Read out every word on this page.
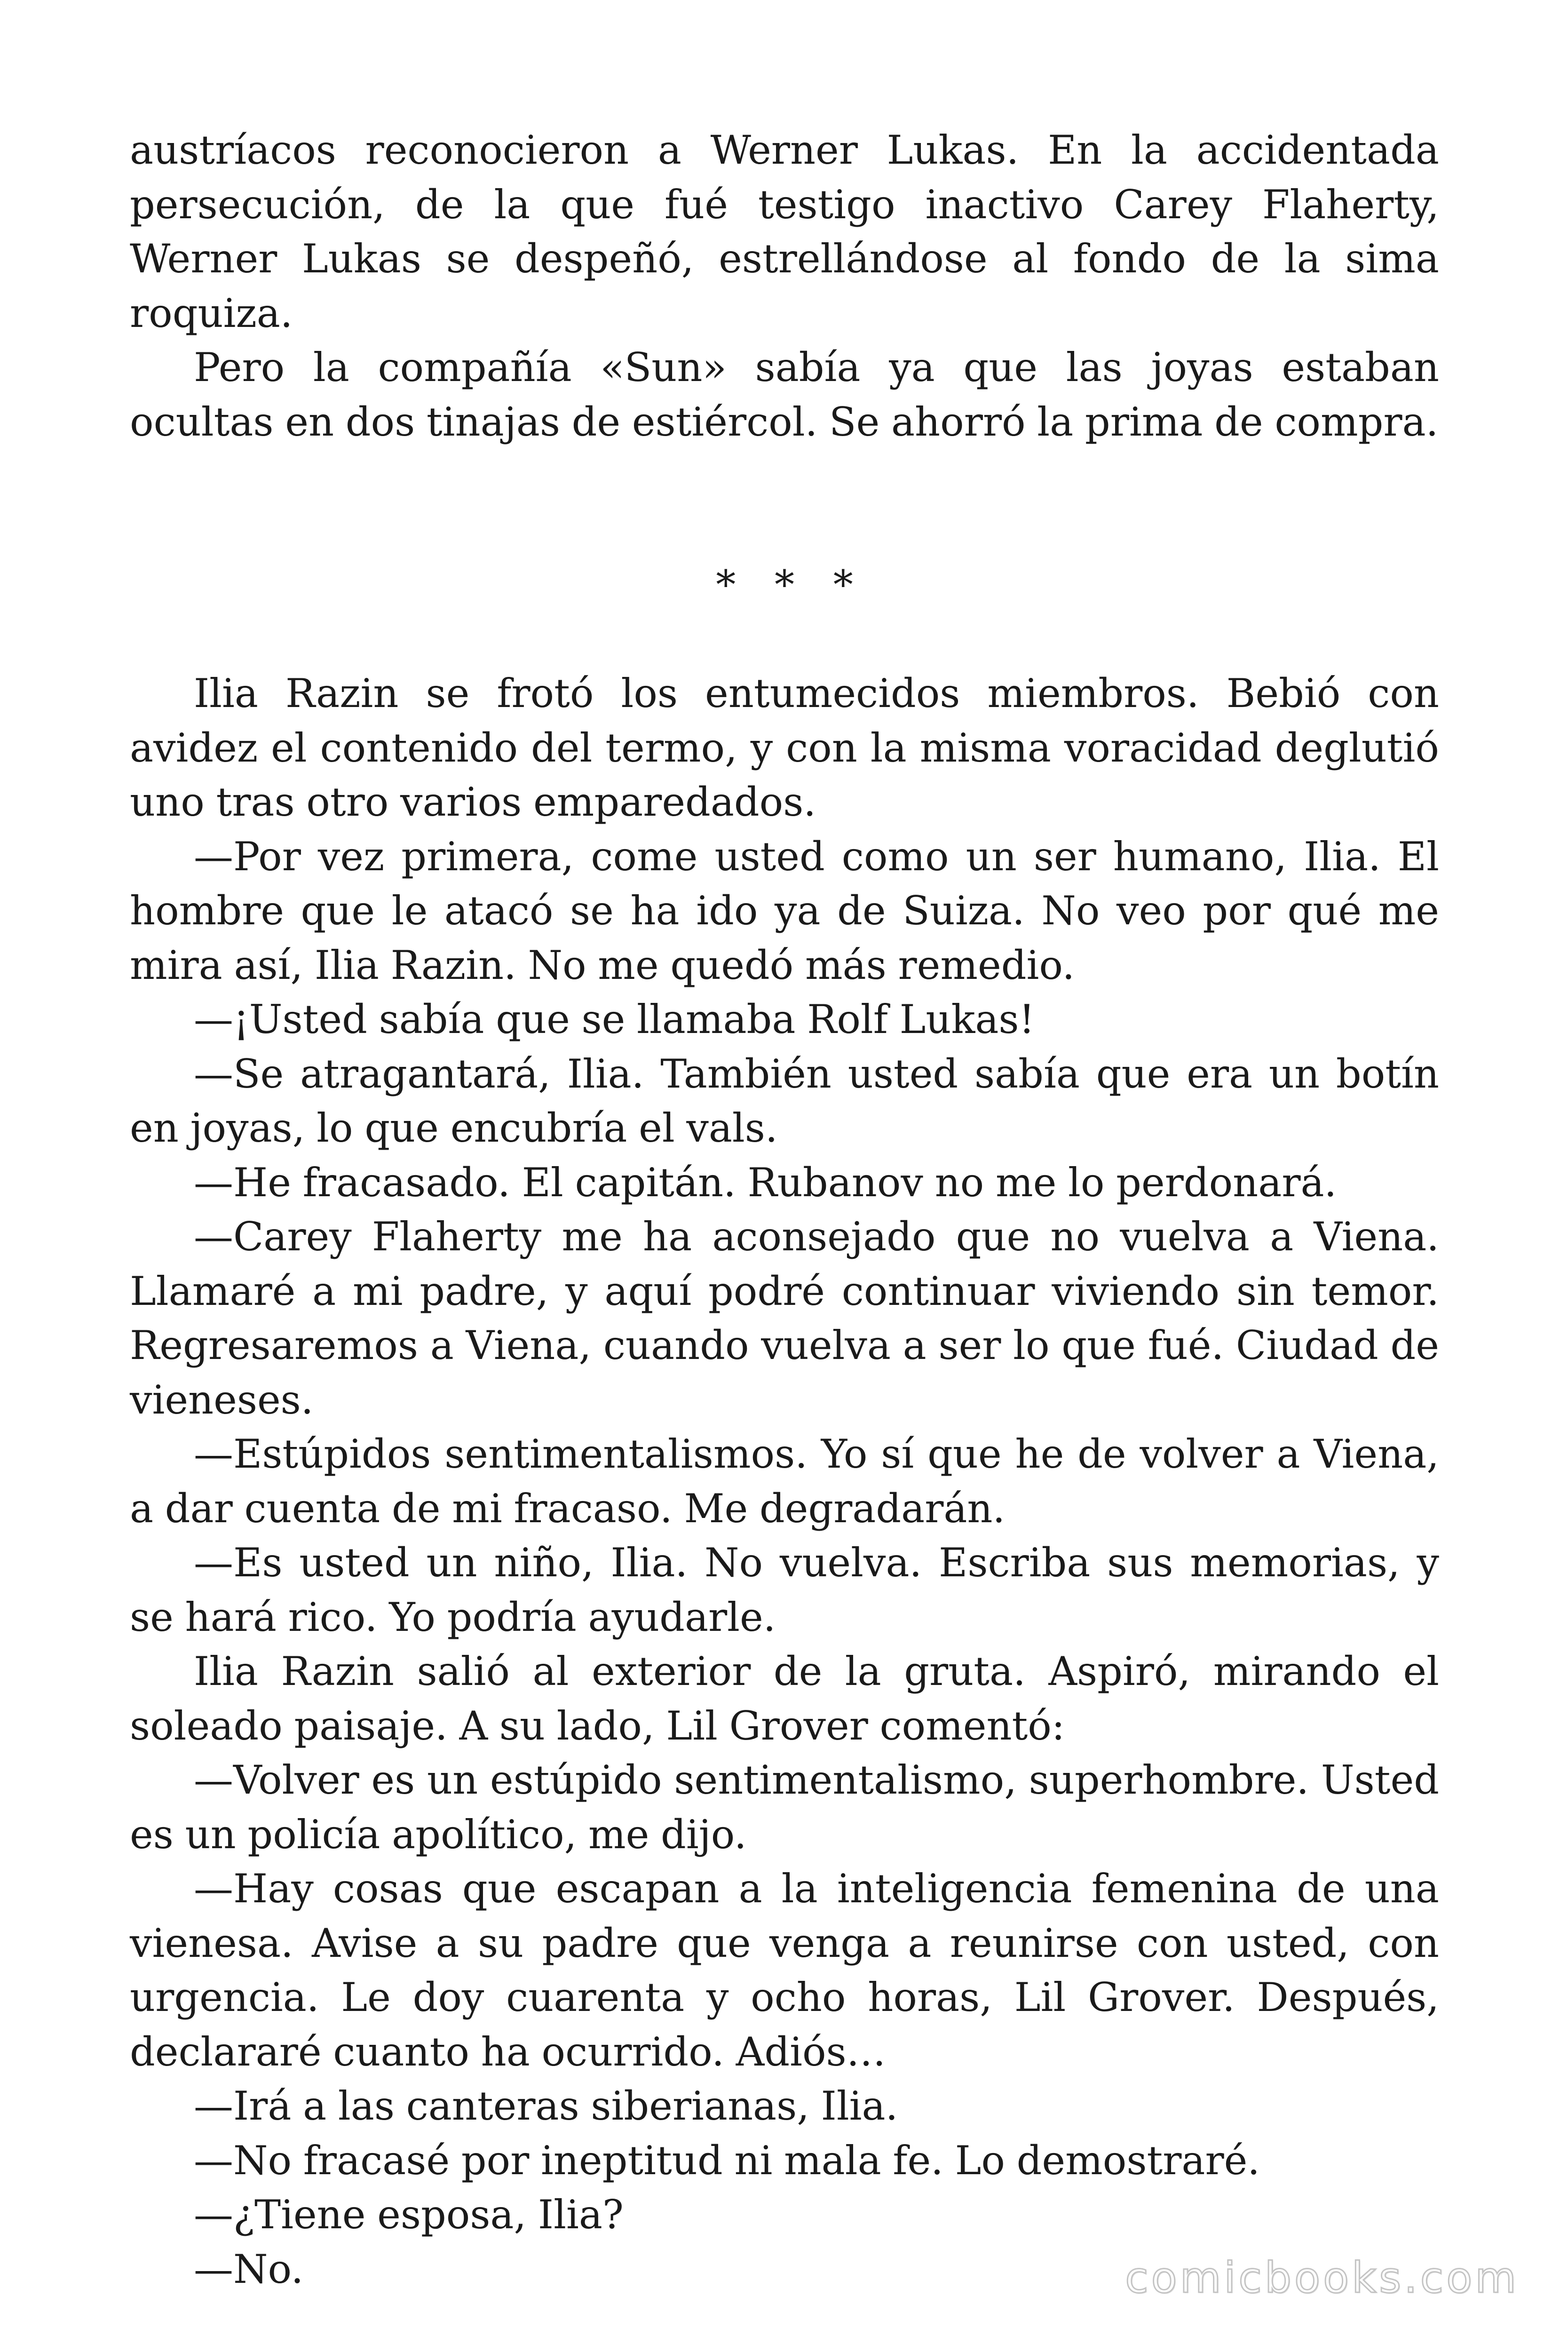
austríacos reconocieron a Werner Lukas. En la accidentada persecución, de la que fué testigo inactivo Carey Flaherty, Werner Lukas se despeñó, estrellándose al fondo de la sima roquiza.

Pero la compañía «Sun» sabía ya que las joyas estaban ocultas en dos tinajas de estiércol. Se ahorró la prima de compra.

* * *

Ilia Razin se frotó los entumecidos miembros. Bebió con avidez el contenido del termo, y con la misma voracidad deglutió uno tras otro varios emparedados.

—Por vez primera, come usted como un ser humano, Ilia. El hombre que le atacó se ha ido ya de Suiza. No veo por qué me mira así, Ilia Razin. No me quedó más remedio.

—¡Usted sabía que se llamaba Rolf Lukas!

—Se atragantará, Ilia. También usted sabía que era un botín en joyas, lo que encubría el vals.

—He fracasado. El capitán. Rubanov no me lo perdonará.

—Carey Flaherty me ha aconsejado que no vuelva a Viena. Llamaré a mi padre, y aquí podré continuar viviendo sin temor. Regresaremos a Viena, cuando vuelva a ser lo que fué. Ciudad de vieneses.

—Estúpidos sentimentalismos. Yo sí que he de volver a Viena, a dar cuenta de mi fracaso. Me degradarán.

—Es usted un niño, Ilia. No vuelva. Escriba sus memorias, y se hará rico. Yo podría ayudarle.

Ilia Razin salió al exterior de la gruta. Aspiró, mirando el soleado paisaje. A su lado, Lil Grover comentó:

—Volver es un estúpido sentimentalismo, superhombre. Usted es un policía apolítico, me dijo.

—Hay cosas que escapan a la inteligencia femenina de una vienesa. Avise a su padre que venga a reunirse con usted, con urgencia. Le doy cuarenta y ocho horas, Lil Grover. Después, declararé cuanto ha ocurrido. Adiós…

—Irá a las canteras siberianas, Ilia.

—No fracasé por ineptitud ni mala fe. Lo demostraré.

—¿Tiene esposa, Ilia?

—No.	comicbooks.com
